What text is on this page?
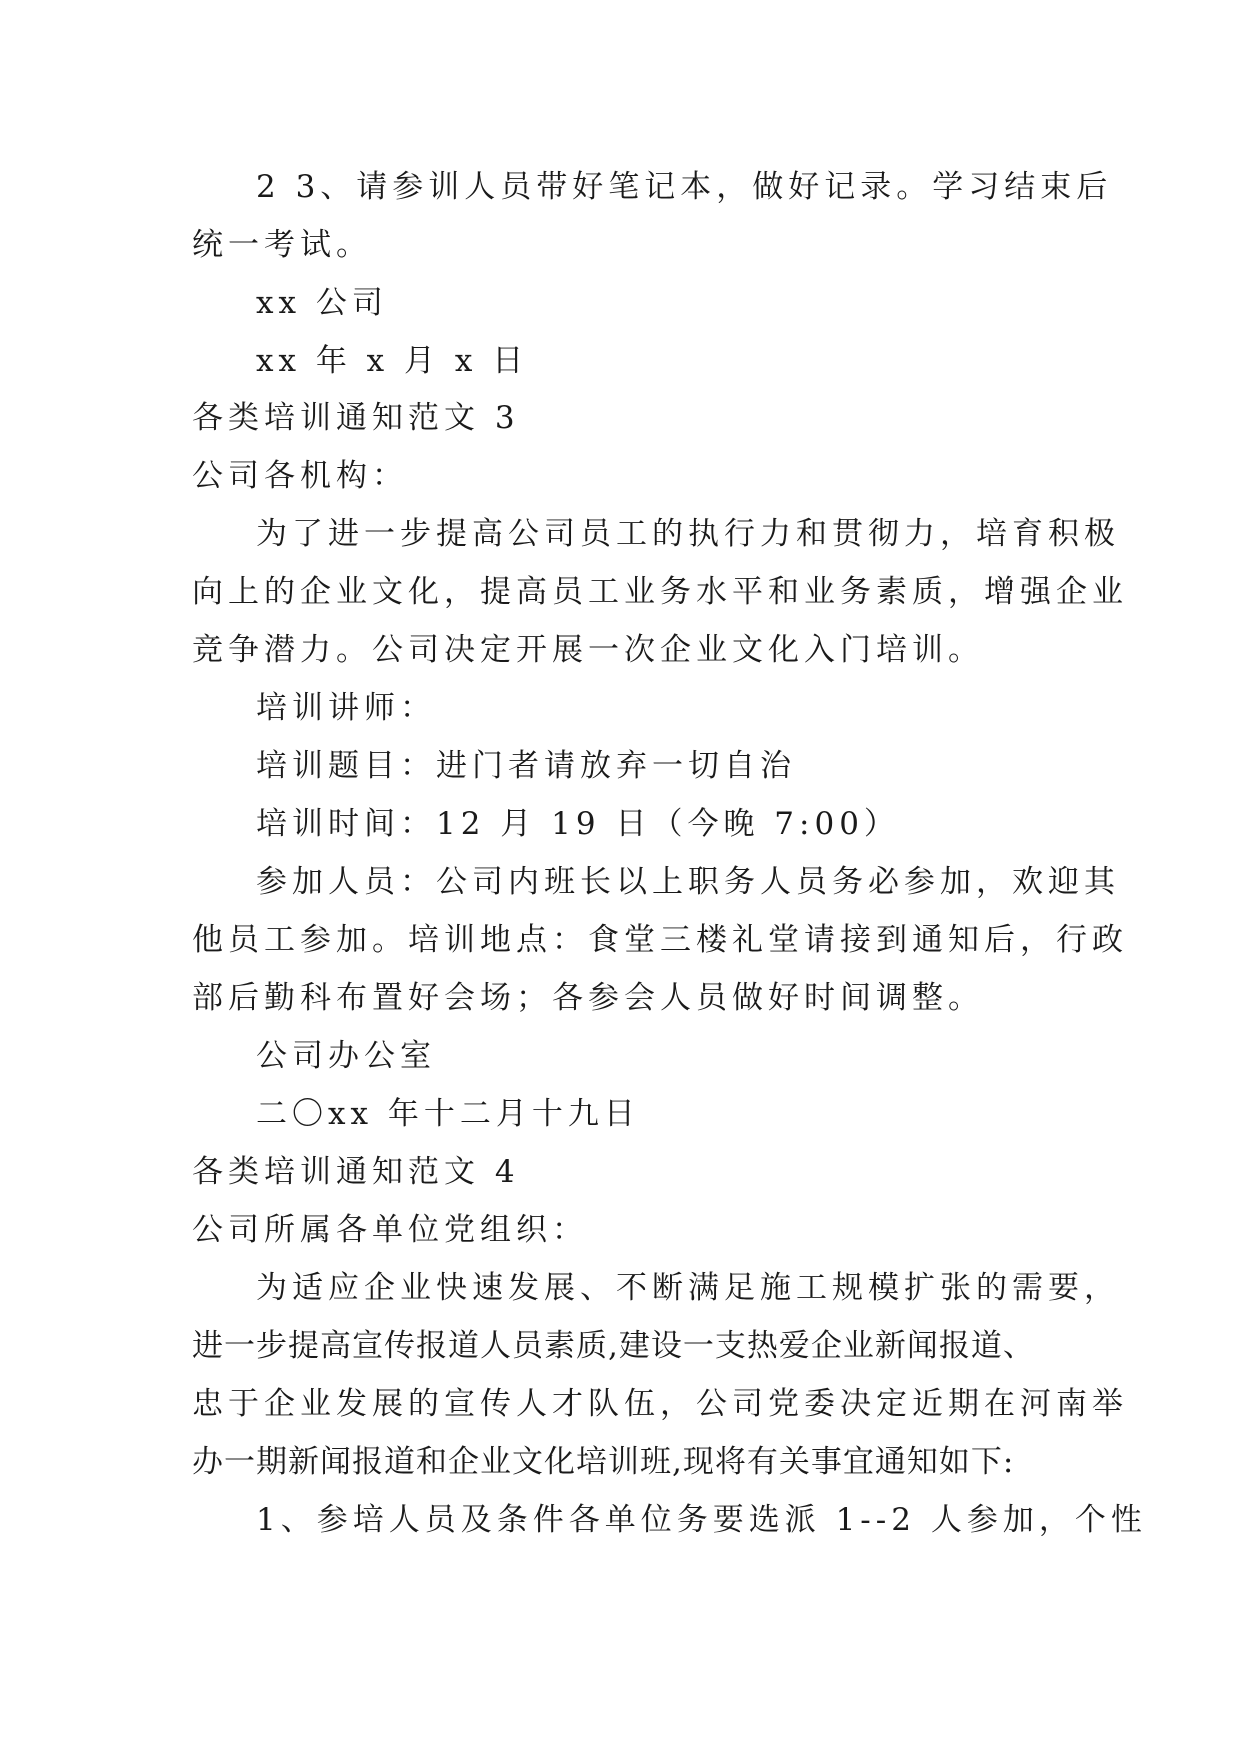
2 3、请参训人员带好笔记本，做好记录。学习结束后
统一考试。
xx 公司
xx 年 x 月 x 日
各类培训通知范文 3
公司各机构：
为了进一步提高公司员工的执行力和贯彻力，培育积极
向上的企业文化，提高员工业务水平和业务素质，增强企业
竞争潜力。公司决定开展一次企业文化入门培训。
培训讲师：
培训题目：进门者请放弃一切自治
培训时间：12 月 19 日（今晚 7:00）
参加人员：公司内班长以上职务人员务必参加，欢迎其
他员工参加。培训地点：食堂三楼礼堂请接到通知后，行政
部后勤科布置好会场；各参会人员做好时间调整。
公司办公室
二〇xx 年十二月十九日
各类培训通知范文 4
公司所属各单位党组织：
为适应企业快速发展、不断满足施工规模扩张的需要，
进一步提高宣传报道人员素质,建设一支热爱企业新闻报道、
忠于企业发展的宣传人才队伍，公司党委决定近期在河南举
办一期新闻报道和企业文化培训班,现将有关事宜通知如下:
1、参培人员及条件各单位务要选派 1--2 人参加，个性
